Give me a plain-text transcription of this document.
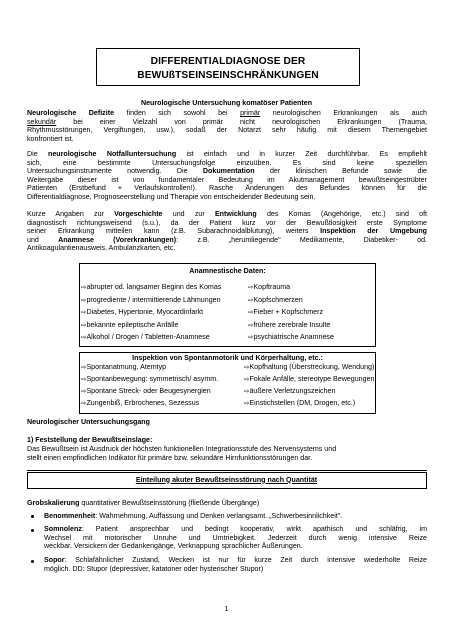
DIFFERENTIALDIAGNOSE DER
BEWUßTSEINSEINSCHRÄNKUNGEN
Neurologische Untersuchung komatöser Patienten
Neurologische Defizite finden sich sowohl bei primär neurologischen Erkrankungen als auch
sekundär bei einer Vielzahl von primär nicht neurologischen Erkrankungen (Trauma,
Rhythmusstörungen, Vergiftungen, usw.), sodaß der Notarzt sehr häufig mit diesem Themengebiet
konfrontiert ist.
Die neurologische Notfalluntersuchung ist einfach und in kurzer Zeit durchführbar. Es empfiehlt
sich, eine bestimmte Untersuchungsfolge einzuüben. Es sind keine speziellen
Untersuchungsinstrumente notwendig. Die Dokumentation der klinischen Befunde sowie die
Weitergabe dieser ist von fundamentaler Bedeutung im Akutmanagement bewußtseingestrübter
Patienten (Erstbefund + Verlaufskontrollen!). Rasche Änderungen des Befundes können für die
Differentialdiagnose, Prognoseerstellung und Therapie von entscheidender Bedeutung sein.
Kurze Angaben zur Vorgeschichte und zur Entwicklung des Komas (Angehörige, etc.) sind oft
diagnostisch richtungsweisend (s.u.), da der Patient kurz vor der Bewußtlosigkeit erste Symptome
seiner Erkrankung mitteilen kann (z.B. Subarachnoidalblutung), weiters Inspektion der Umgebung
und Anamnese (Vorerkrankungen): z.B. „herumliegende" Medikamente, Diabetiker- od.
Antikoagulantienausweis, Ambulanzkarten, etc.
Anamnestische Daten:
⇨abrupter od. langsamer Beginn des Komas
⇨progrediente / intermittierende Lähmungen
⇨Diabetes, Hypertonie, Myocardinfarkt
⇨bekannte epileptische Anfälle
⇨Alkohol / Drogen / Tabletten-Anamnese
⇨Kopftrauma
⇨Kopfschmerzen
⇨Fieber + Kopfschmerz
⇨frühere zerebrale Insulte
⇨psychiatrische Anamnese
Inspektion von Spontanmotorik und Körperhaltung, etc.:
⇨Spontanatmung, Atemtyp
⇨Spontanbewegung: symmetrisch/ asymm.
⇨Spontane Streck- oder Beugesynergien
⇨Zungenbiß, Erbrochenes, Sezessus
⇨Kopfhaltung (Überstreckung, Wendung)
⇨Fokale Anfälle, stereotype Bewegungen
⇨äußere Verletzungszeichen
⇨Einstichstellen (DM, Drogen, etc.)
Neurologischer Untersuchungsgang
1) Feststellung der Bewußtseinslage:
Das Bewußtsein ist Ausdruck der höchsten funktionellen Integrationsstufe des Nervensystems und
stellt einen empfindlichen Indikator für primäre bzw. sekundäre Hirnfunktionsstörungen dar.
Einteilung akuter Bewußtseinsstörung nach Quantität
Grobskalierung quantitativer Bewußtseinsstörung (fließende Übergänge)
Benommenheit: Wahrnehmung, Auffassung und Denken verlangsamt. „Schwerbesinnlichkeit".
Somnolenz: Patient ansprechbar und bedingt kooperativ, wirkt apathisch und schläfrig, im
Wechsel mit motorischer Unruhe und Umtriebigkeit. Jederzeit durch wenig intensive Reize
weckbar. Versickern der Gedankengänge, Verknappung sprachlicher Äußerungen.
Sopor: Schlafähnlicher Zustand, Wecken ist nur für kurze Zeit durch intensive wiederholte Reize
möglich. DD: Stupor (depressiver, katatoner oder hysterischer Stupor)
1
